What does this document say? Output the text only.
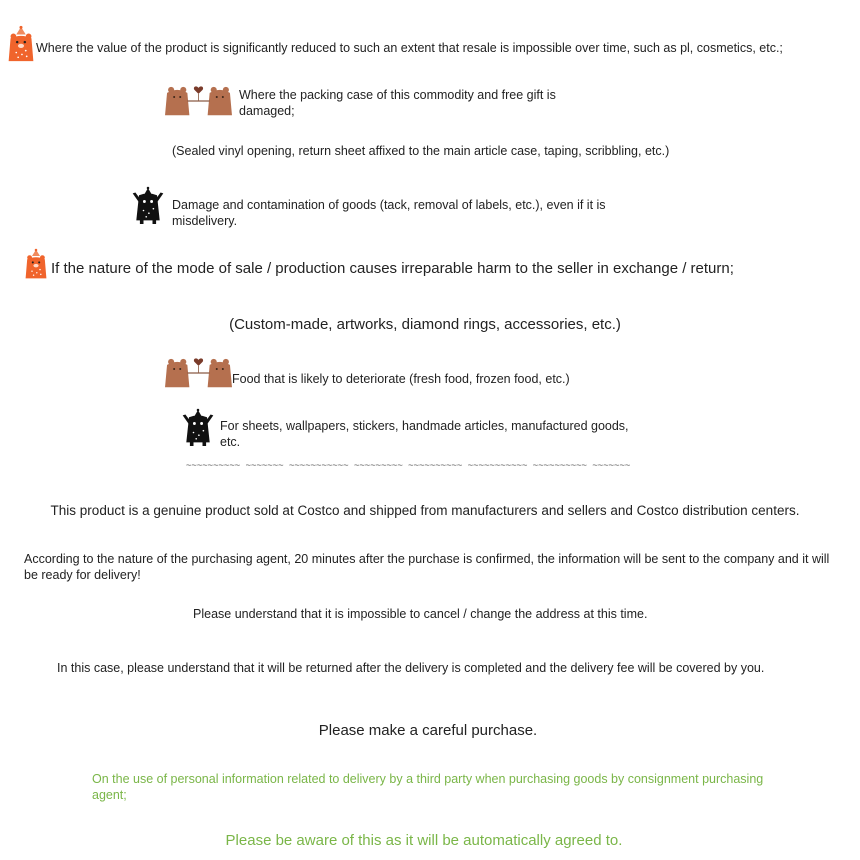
Where the value of the product is significantly reduced to such an extent that resale is impossible over time, such as pl, cosmetics, etc.;

Where the packing case of this commodity and free gift is damaged;

(Sealed vinyl opening, return sheet affixed to the main article case, taping, scribbling, etc.)

Damage and contamination of goods (tack, removal of labels, etc.), even if it is misdelivery.

If the nature of the mode of sale / production causes irreparable harm to the seller in exchange / return;

(Custom-made, artworks, diamond rings, accessories, etc.)

Food that is likely to deteriorate (fresh food, frozen food, etc.)

For sheets, wallpapers, stickers, handmade articles, manufactured goods, etc.

~~~~~~~~~~ ~~~~~~~ ~~~~~~~~~~~ ~~~~~~~~~ ~~~~~~~~~~ ~~~~~~~~~~~ ~~~~~~~~~~ ~~~~~~~

This product is a genuine product sold at Costco and shipped from manufacturers and sellers and Costco distribution centers.

According to the nature of the purchasing agent, 20 minutes after the purchase is confirmed, the information will be sent to the company and it will be ready for delivery!

Please understand that it is impossible to cancel / change the address at this time.

In this case, please understand that it will be returned after the delivery is completed and the delivery fee will be covered by you.

Please make a careful purchase.

On the use of personal information related to delivery by a third party when purchasing goods by consignment purchasing agent;

Please be aware of this as it will be automatically agreed to.
